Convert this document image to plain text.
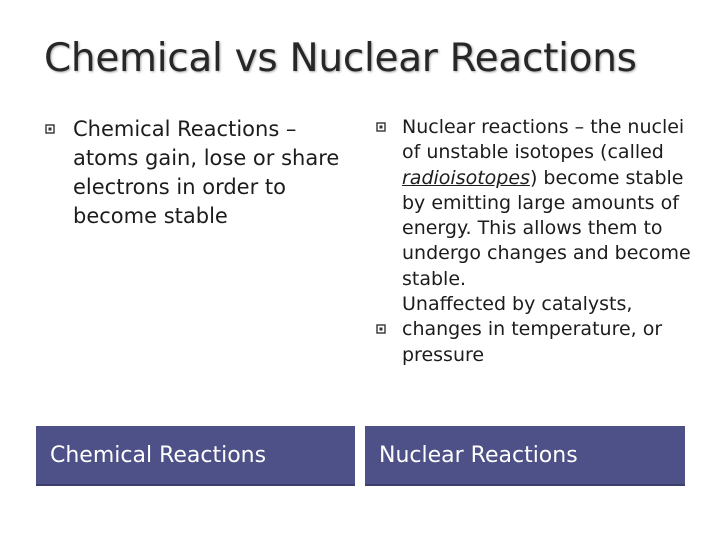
Chemical vs Nuclear Reactions
Chemical Reactions – atoms gain, lose or share electrons in order to become stable

Nuclear reactions – the nuclei of unstable isotopes (called radioisotopes) become stable by emitting large amounts of energy. This allows them to undergo changes and become stable.

Unaffected by catalysts, changes in temperature, or pressure

Chemical Reactions	Nuclear Reactions
